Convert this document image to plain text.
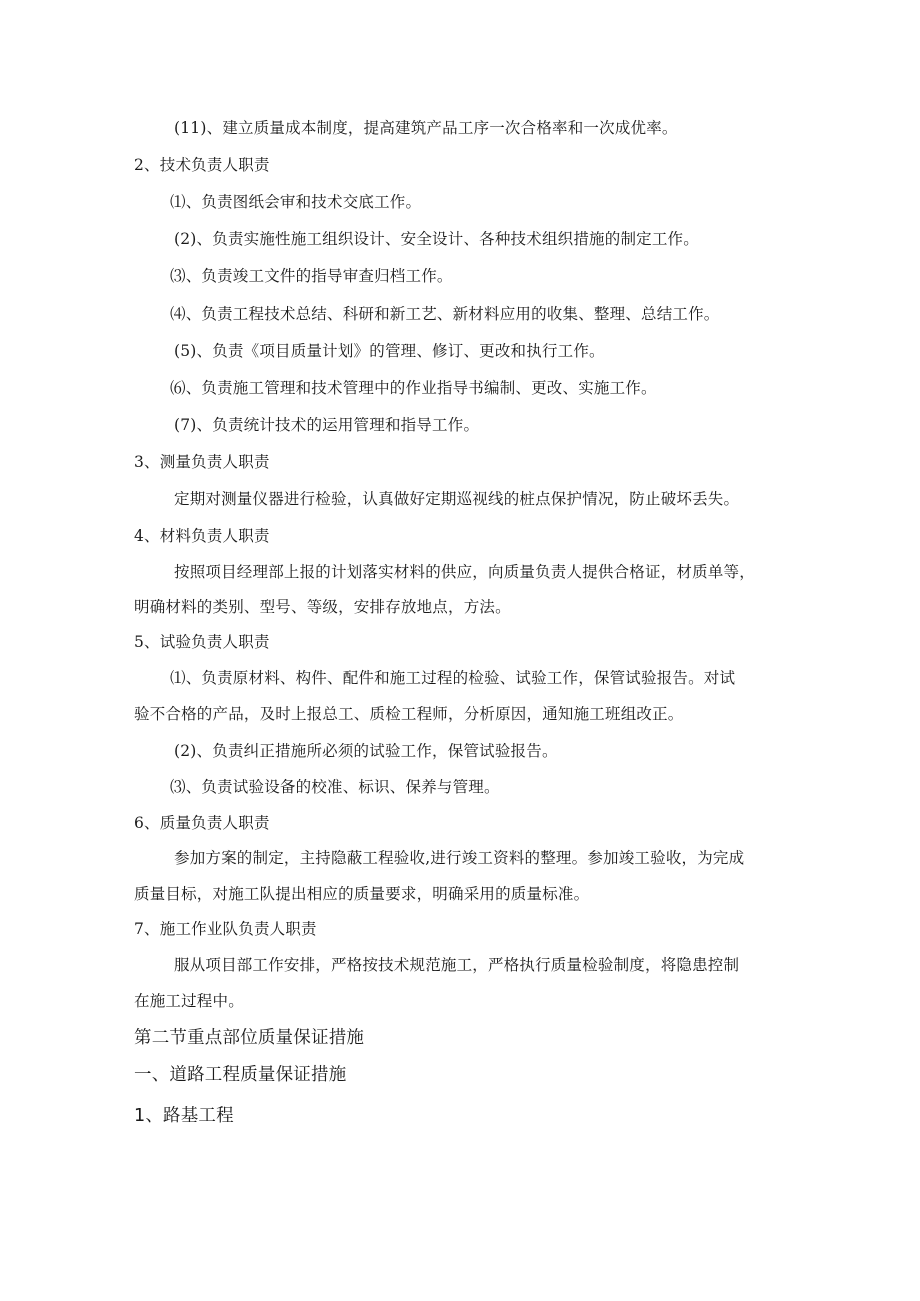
(11)、建立质量成本制度，提高建筑产品工序一次合格率和一次成优率。
2、技术负责人职责
⑴、负责图纸会审和技术交底工作。
(2)、负责实施性施工组织设计、安全设计、各种技术组织措施的制定工作。
⑶、负责竣工文件的指导审查归档工作。
⑷、负责工程技术总结、科研和新工艺、新材料应用的收集、整理、总结工作。
(5)、负责《项目质量计划》的管理、修订、更改和执行工作。
⑹、负责施工管理和技术管理中的作业指导书编制、更改、实施工作。
(7)、负责统计技术的运用管理和指导工作。
3、测量负责人职责
定期对测量仪器进行检验，认真做好定期巡视线的桩点保护情况，防止破坏丢失。
4、材料负责人职责
按照项目经理部上报的计划落实材料的供应，向质量负责人提供合格证，材质单等，
明确材料的类别、型号、等级，安排存放地点，方法。
5、试验负责人职责
⑴、负责原材料、构件、配件和施工过程的检验、试验工作，保管试验报告。对试
验不合格的产品，及时上报总工、质检工程师，分析原因，通知施工班组改正。
(2)、负责纠正措施所必须的试验工作，保管试验报告。
⑶、负责试验设备的校准、标识、保养与管理。
6、质量负责人职责
参加方案的制定，主持隐蔽工程验收,进行竣工资料的整理。参加竣工验收，为完成
质量目标，对施工队提出相应的质量要求，明确采用的质量标准。
7、施工作业队负责人职责
服从项目部工作安排，严格按技术规范施工，严格执行质量检验制度，将隐患控制
在施工过程中。
第二节重点部位质量保证措施
一、道路工程质量保证措施
1、路基工程
